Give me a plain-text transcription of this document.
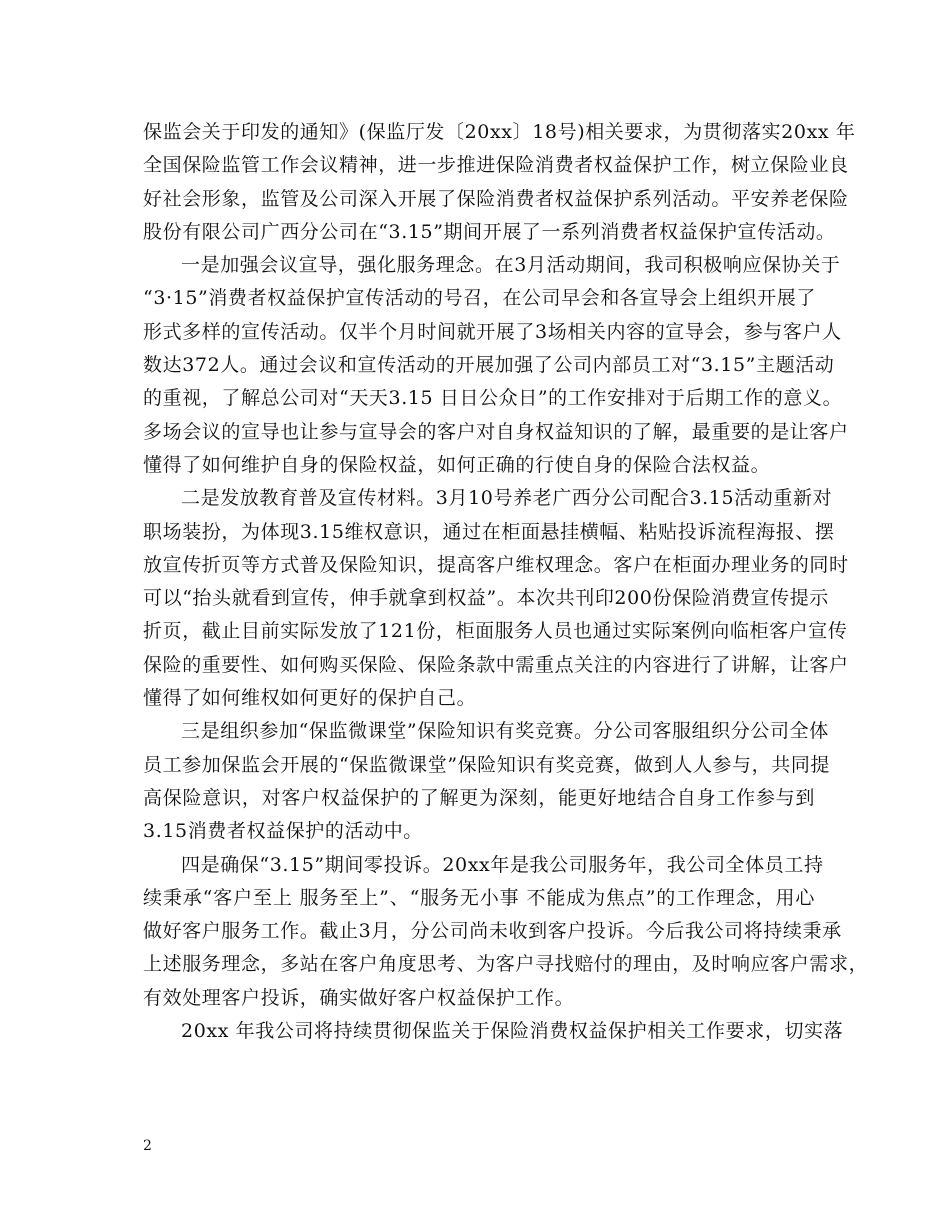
保监会关于印发的通知》(保监厅发〔20xx〕18号)相关要求，为贯彻落实20xx 年
全国保险监管工作会议精神，进一步推进保险消费者权益保护工作，树立保险业良
好社会形象，监管及公司深入开展了保险消费者权益保护系列活动。平安养老保险
股份有限公司广西分公司在“3.15”期间开展了一系列消费者权益保护宣传活动。
一是加强会议宣导，强化服务理念。在3月活动期间，我司积极响应保协关于
“3·15”消费者权益保护宣传活动的号召，在公司早会和各宣导会上组织开展了
形式多样的宣传活动。仅半个月时间就开展了3场相关内容的宣导会，参与客户人
数达372人。通过会议和宣传活动的开展加强了公司内部员工对“3.15”主题活动
的重视，了解总公司对“天天3.15 日日公众日”的工作安排对于后期工作的意义。
多场会议的宣导也让参与宣导会的客户对自身权益知识的了解，最重要的是让客户
懂得了如何维护自身的保险权益，如何正确的行使自身的保险合法权益。
二是发放教育普及宣传材料。3月10号养老广西分公司配合3.15活动重新对
职场装扮，为体现3.15维权意识，通过在柜面悬挂横幅、粘贴投诉流程海报、摆
放宣传折页等方式普及保险知识，提高客户维权理念。客户在柜面办理业务的同时
可以“抬头就看到宣传，伸手就拿到权益”。本次共刊印200份保险消费宣传提示
折页，截止目前实际发放了121份，柜面服务人员也通过实际案例向临柜客户宣传
保险的重要性、如何购买保险、保险条款中需重点关注的内容进行了讲解，让客户
懂得了如何维权如何更好的保护自己。
三是组织参加“保监微课堂”保险知识有奖竞赛。分公司客服组织分公司全体
员工参加保监会开展的“保监微课堂”保险知识有奖竞赛，做到人人参与，共同提
高保险意识，对客户权益保护的了解更为深刻，能更好地结合自身工作参与到
3.15消费者权益保护的活动中。
四是确保“3.15”期间零投诉。20xx年是我公司服务年，我公司全体员工持
续秉承“客户至上 服务至上”、“服务无小事 不能成为焦点”的工作理念，用心
做好客户服务工作。截止3月，分公司尚未收到客户投诉。今后我公司将持续秉承
上述服务理念，多站在客户角度思考、为客户寻找赔付的理由，及时响应客户需求，
有效处理客户投诉，确实做好客户权益保护工作。
20xx 年我公司将持续贯彻保监关于保险消费权益保护相关工作要求，切实落
2
